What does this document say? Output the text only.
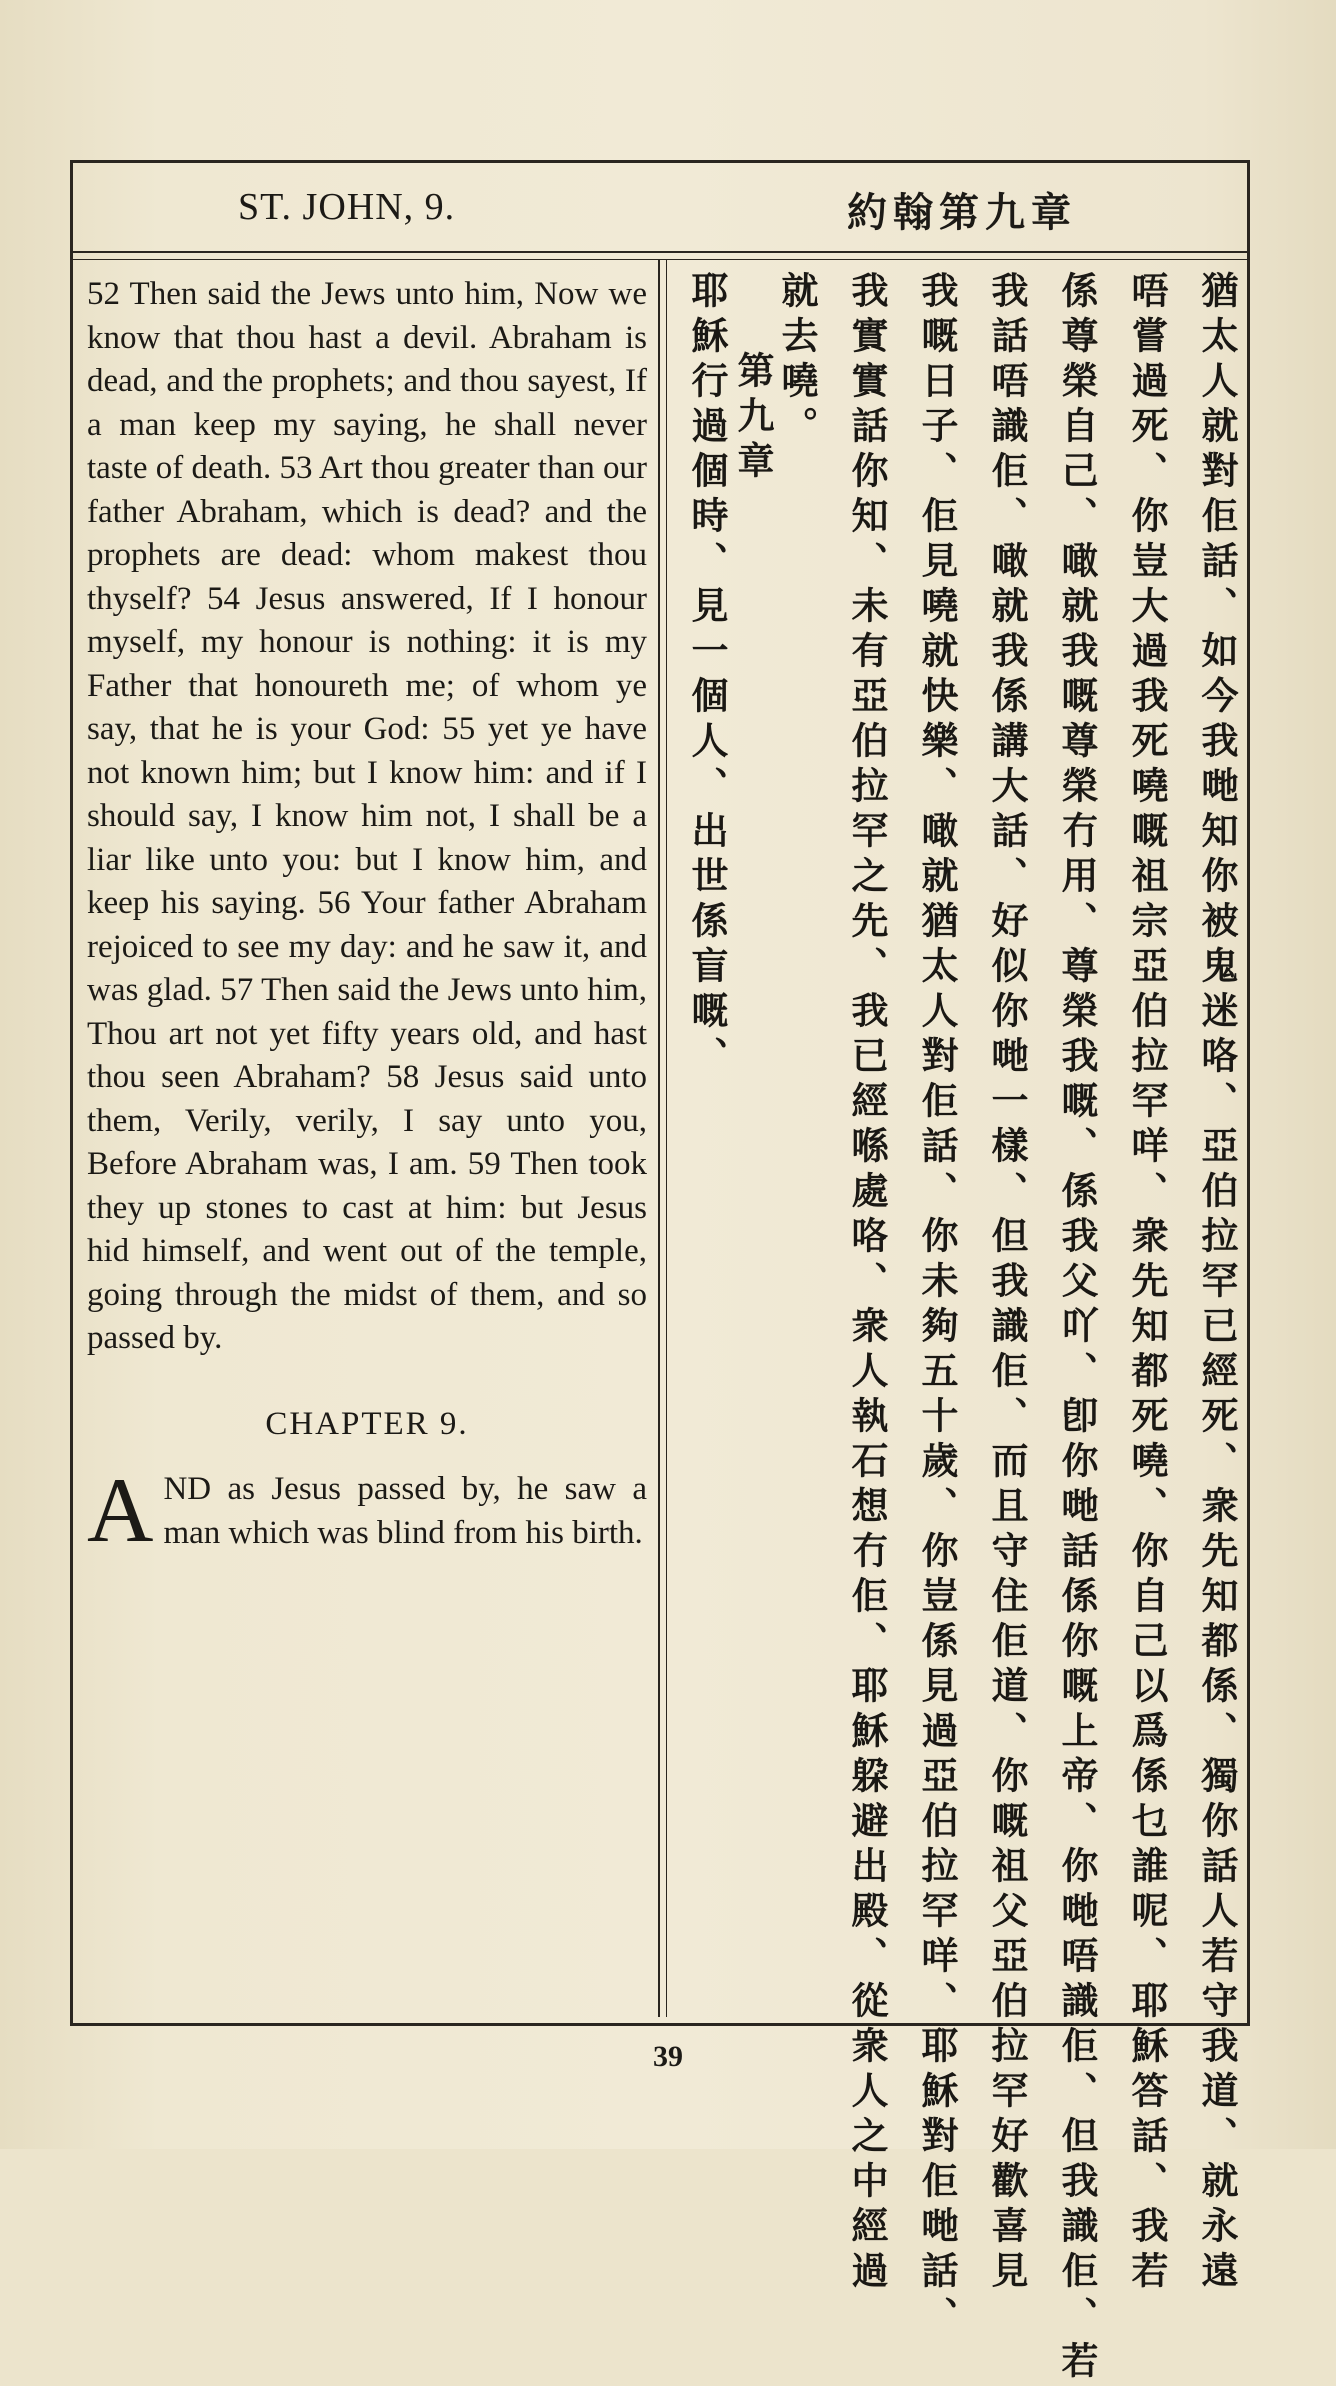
ST. JOHN, 9.	約翰第九章

52 Then said the Jews unto him, Now we know that thou hast a devil. Abraham is dead, and the prophets; and thou sayest, If a man keep my saying, he shall never taste of death. 53 Art thou greater than our father Abraham, which is dead? and the prophets are dead: whom makest thou thyself? 54 Jesus answered, If I honour myself, my honour is nothing: it is my Father that honoureth me; of whom ye say, that he is your God: 55 yet ye have not known him; but I know him: and if I should say, I know him not, I shall be a liar like unto you: but I know him, and keep his saying. 56 Your father Abraham rejoiced to see my day: and he saw it, and was glad. 57 Then said the Jews unto him, Thou art not yet fifty years old, and hast thou seen Abraham? 58 Jesus said unto them, Verily, verily, I say unto you, Before Abraham was, I am. 59 Then took they up stones to cast at him: but Jesus hid himself, and went out of the temple, going through the midst of them, and so passed by.

CHAPTER 9.

AND as Jesus passed by, he saw a man which was blind from his birth.	猶太人就對佢話、如今我哋知你被鬼迷咯、亞伯拉罕已經死、衆先知都係、獨你話人若守我道、就永遠
唔嘗過死、你豈大過我死嘵嘅祖宗亞伯拉罕咩、衆先知都死嘵、你自己以爲係乜誰呢、耶穌答話、我若
係尊榮自己、噉就我嘅尊榮冇用、尊榮我嘅、係我父吖、卽你哋話係你嘅上帝、你哋唔識佢、但我識佢、若
我話唔識佢、噉就我係講大話、好似你哋一樣、但我識佢、而且守住佢道、你嘅祖父亞伯拉罕好歡喜見
我嘅日子、佢見嘵就快樂、噉就猶太人對佢話、你未夠五十歲、你豈係見過亞伯拉罕咩、耶穌對佢哋話、
我實實話你知、未有亞伯拉罕之先、我已經喺處咯、衆人執石想冇佢、耶穌躱避出殿、從衆人之中經過
就去嘵。
第九章
耶穌行過個時、見一個人、出世係盲嘅、
39
